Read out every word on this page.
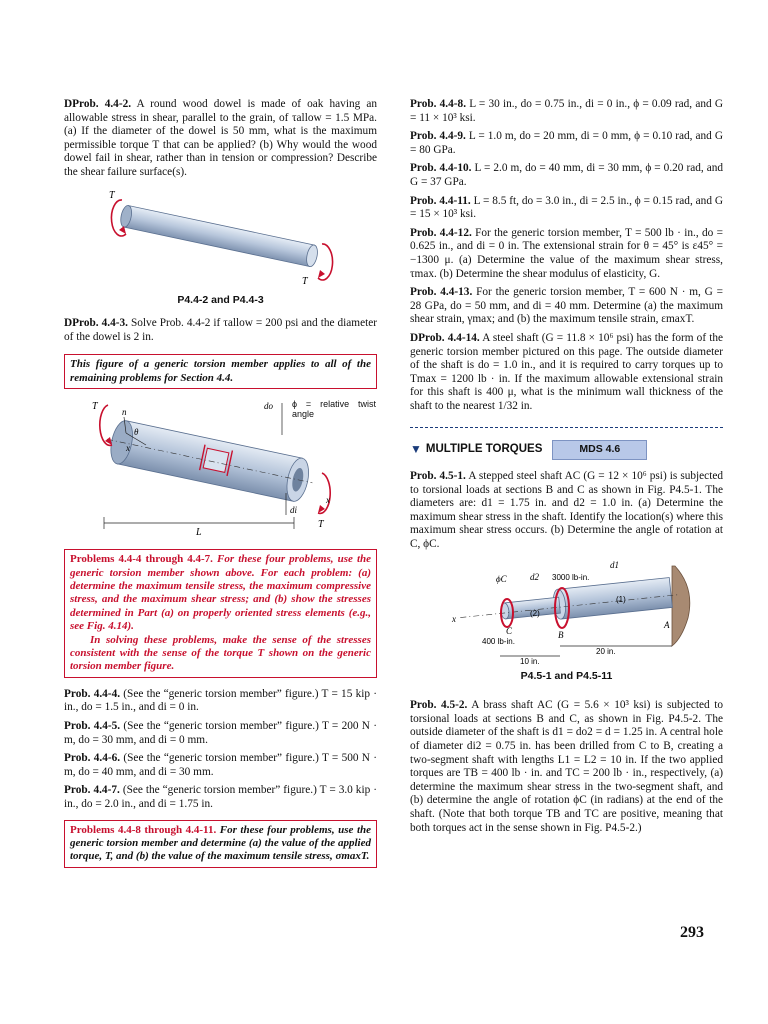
DProb. 4.4-2. A round wood dowel is made of oak having an allowable stress in shear, parallel to the grain, of τallow = 1.5 MPa. (a) If the diameter of the dowel is 50 mm, what is the maximum permissible torque T that can be applied? (b) Why would the wood dowel fail in shear, rather than in tension or compression? Describe the shear failure surface(s).

T
T
P4.4-2 and P4.4-3

DProb. 4.4-3. Solve Prob. 4.4-2 if τallow = 200 psi and the diameter of the dowel is 2 in.

This figure of a generic torsion member applies to all of the remaining problems for Section 4.4.
T
T
n
θ
x
x
do
di
L
ϕ = relative twist angle
Problems 4.4-4 through 4.4-7. For these four problems, use the generic torsion member shown above. For each problem: (a) determine the maximum tensile stress, the maximum compressive stress, and the maximum shear stress; and (b) show the stresses determined in Part (a) on properly oriented stress elements (e.g., see Fig. 4.14).
In solving these problems, make the sense of the stresses consistent with the sense of the torque T shown on the generic torsion member figure.

Prob. 4.4-4. (See the “generic torsion member” figure.) T = 15 kip · in., do = 1.5 in., and di = 0 in.

Prob. 4.4-5. (See the “generic torsion member” figure.) T = 200 N · m, do = 30 mm, and di = 0 mm.

Prob. 4.4-6. (See the “generic torsion member” figure.) T = 500 N · m, do = 40 mm, and di = 30 mm.

Prob. 4.4-7. (See the “generic torsion member” figure.) T = 3.0 kip · in., do = 2.0 in., and di = 1.75 in.

Problems 4.4-8 through 4.4-11. For these four problems, use the generic torsion member and determine (a) the value of the applied torque, T, and (b) the value of the maximum tensile stress, σmaxT.

Prob. 4.4-8. L = 30 in., do = 0.75 in., di = 0 in., ϕ = 0.09 rad, and G = 11 × 10³ ksi.

Prob. 4.4-9. L = 1.0 m, do = 20 mm, di = 0 mm, ϕ = 0.10 rad, and G = 80 GPa.

Prob. 4.4-10. L = 2.0 m, do = 40 mm, di = 30 mm, ϕ = 0.20 rad, and G = 37 GPa.

Prob. 4.4-11. L = 8.5 ft, do = 3.0 in., di = 2.5 in., ϕ = 0.15 rad, and G = 15 × 10³ ksi.

Prob. 4.4-12. For the generic torsion member, T = 500 lb · in., do = 0.625 in., and di = 0 in. The extensional strain for θ = 45° is ε45° = −1300 μ. (a) Determine the value of the maximum shear stress, τmax. (b) Determine the shear modulus of elasticity, G.

Prob. 4.4-13. For the generic torsion member, T = 600 N · m, G = 28 GPa, do = 50 mm, and di = 40 mm. Determine (a) the maximum shear strain, γmax; and (b) the maximum tensile strain, εmaxT.

DProb. 4.4-14. A steel shaft (G = 11.8 × 10⁶ psi) has the form of the generic torsion member pictured on this page. The outside diameter of the shaft is do = 1.0 in., and it is required to carry torques up to Tmax = 1200 lb · in. If the maximum allowable extensional strain for this shaft is 400 μ, what is the minimum wall thickness of the shaft to the nearest 1/32 in.

▼ MULTIPLE TORQUES	MDS 4.6

Prob. 4.5-1. A stepped steel shaft AC (G = 12 × 10⁶ psi) is subjected to torsional loads at sections B and C as shown in Fig. P4.5-1. The diameters are: d1 = 1.75 in. and d2 = 1.0 in. (a) Determine the maximum shear stress in the shaft. Identify the location(s) where this maximum shear stress occurs. (b) Determine the angle of rotation at C, ϕC.

d1
d2
ϕC	3000 lb-in.
400 lb-in.
(1)
(2)
A
B
C
x
20 in.
10 in.
P4.5-1 and P4.5-11

Prob. 4.5-2. A brass shaft AC (G = 5.6 × 10³ ksi) is subjected to torsional loads at sections B and C, as shown in Fig. P4.5-2. The outside diameter of the shaft is d1 = do2 = d = 1.25 in. A central hole of diameter di2 = 0.75 in. has been drilled from C to B, creating a two-segment shaft with lengths L1 = L2 = 10 in. If the two applied torques are TB = 400 lb · in. and TC = 200 lb · in., respectively, (a) determine the maximum shear stress in the two-segment shaft, and (b) determine the angle of rotation ϕC (in radians) at the end of the shaft. (Note that both torque TB and TC are positive, meaning that both torques act in the sense shown in Fig. P4.5-2.)

293
